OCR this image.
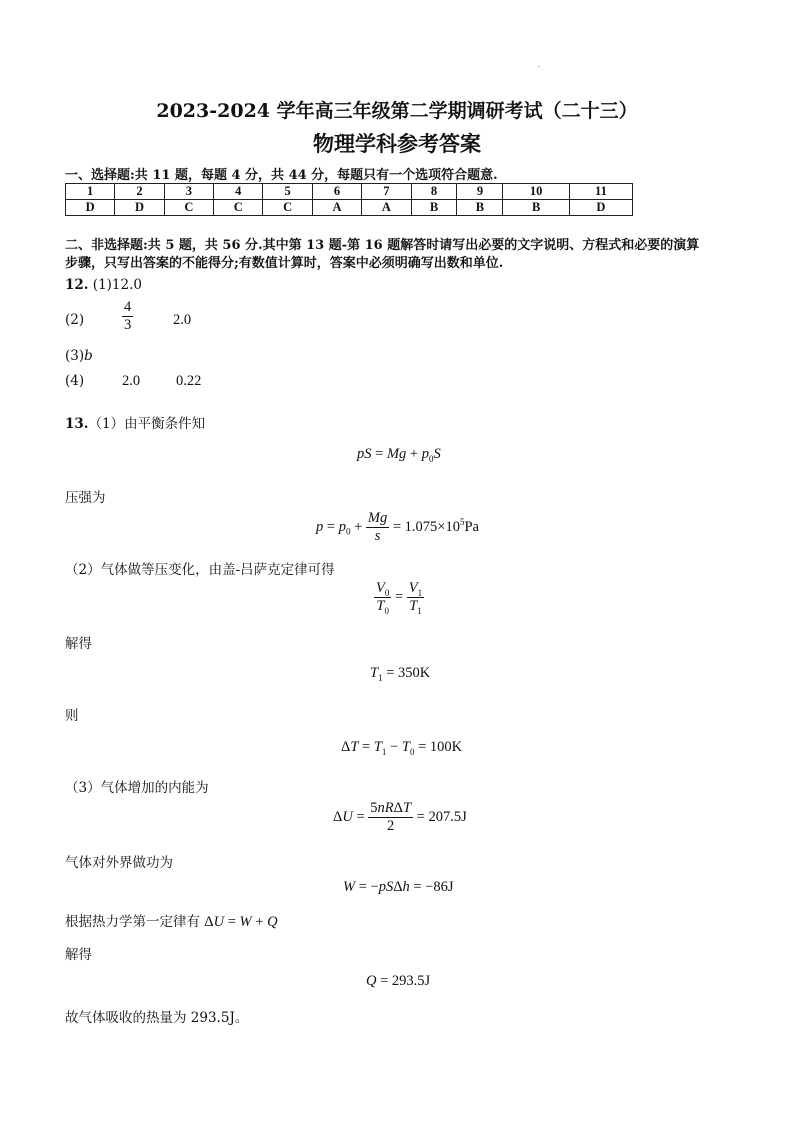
2023-2024 学年高三年级第二学期调研考试（二十三）
物理学科参考答案
一、选择题:共 11 题，每题 4 分，共 44 分，每题只有一个选项符合题意.
1	2	3	4	5	6	7	8	9	10	11
D	D	C	C	C	A	A	B	B	B	D
二、非选择题:共 5 题，共 56 分.其中第 13 题-第 16 题解答时请写出必要的文字说明、方程式和必要的演算
步骤，只写出答案的不能得分;有数值计算时，答案中必须明确写出数和单位.
12. (1)12.0
(2)	$\frac{4}{3}$	2.0
(3)b
(4)	2.0 0.22
13.（1）由平衡条件知
pS = $Mg + p_0S$
压强为
$p = p_0 + \frac{Mg}{s} = 1.075\times 10^5Pa$
（2）气体做等压变化，由盖-吕萨克定律可得
$\frac{V_0}{T_0} = \frac{V_1}{T_1}$
解得
$T_1 = 350K$
则
$\Delta T = T_1 - T_0 = 100K$
（3）气体增加的内能为
$\Delta U = \frac{\text{5nRΔT}}{2} = 207.5J$
气体对外界做功为
W = −pSΔh = −86J
根据热力学第一定律有 ΔU = W + Q
解得
Q = 293.5J
故气体吸收的热量为 293.5J。
